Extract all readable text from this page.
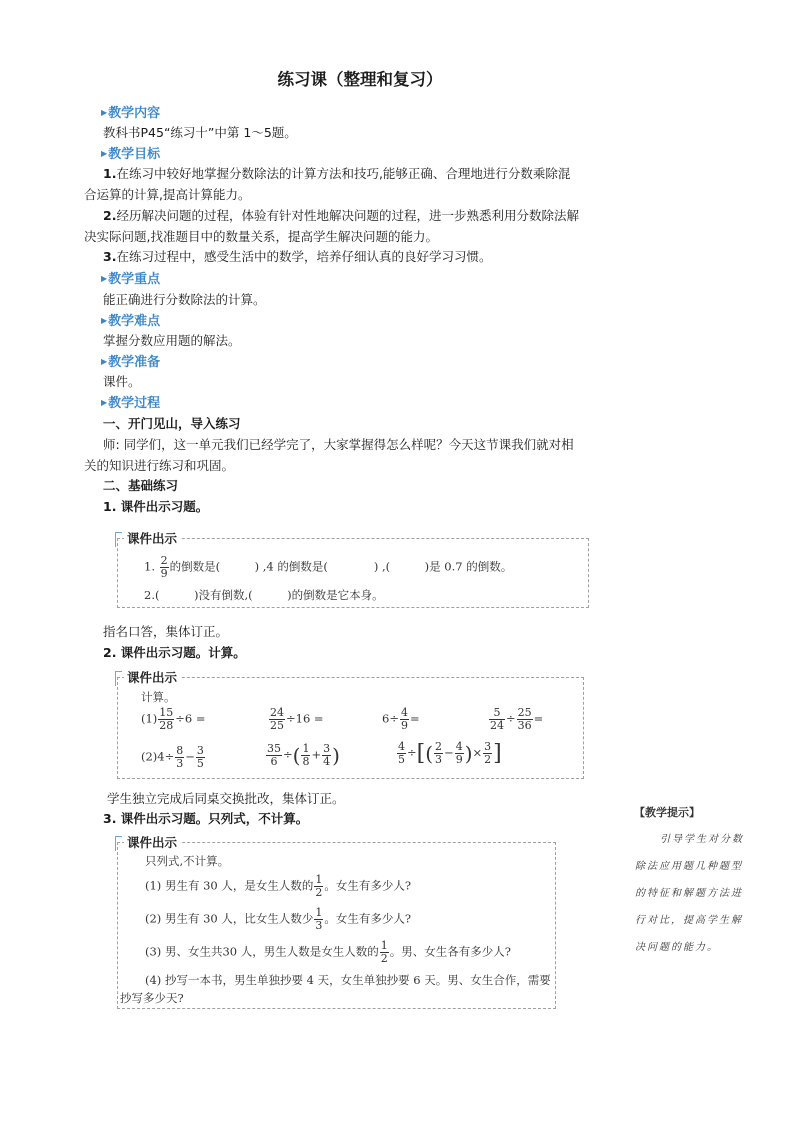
练习课（整理和复习）
▶教学内容
教科书P45“练习十”中第 1～5题。
▶教学目标
1.在练习中较好地掌握分数除法的计算方法和技巧,能够正确、合理地进行分数乘除混
合运算的计算,提高计算能力。
2.经历解决问题的过程，体验有针对性地解决问题的过程，进一步熟悉利用分数除法解
决实际问题,找准题目中的数量关系，提高学生解决问题的能力。
3.在练习过程中，感受生活中的数学，培养仔细认真的良好学习习惯。
▶教学重点
能正确进行分数除法的计算。
▶教学难点
掌握分数应用题的解法。
▶教学准备
课件。
▶教学过程
一、开门见山，导入练习
师: 同学们，这一单元我们已经学完了，大家掌握得怎么样呢？今天这节课我们就对相
关的知识进行练习和巩固。
二、基础练习
1. 课件出示习题。
课件出示
1. $\frac{2}{9}$ 的倒数是(　　　) ,4 的倒数是(　　　　) ,(　　　)是 0.7 的倒数。
2.(　　　)没有倒数,(　　　)的倒数是它本身。
指名口答，集体订正。
2. 课件出示习题。计算。
课件出示
计算。
$(1) \frac{15}{28} \div 6$ =	$\frac{24}{25} \div 16$ =	$6\div \frac{4}{9}$ =	$\frac{5}{24} \div \frac{25}{36}$ =
$(2)4\div \frac{8}{3} - \frac{3}{5}$	$\frac{35}{6}$ ÷( $\frac{1}{8} + \frac{3}{4}$ )	$\frac{4}{5}$ ÷[( $\frac{2}{3} - \frac{4}{9}$ )× $\frac{3}{2}$ ]
学生独立完成后同桌交换批改，集体订正。
3. 课件出示习题。只列式，不计算。
课件出示
只列式,不计算。
(1) 男生有 30 人，是女生人数的 $\frac{1}{2}$ 。女生有多少人?
(2) 男生有 30 人，比女生人数少 $\frac{1}{3}$ 。女生有多少人?
(3) 男、女生共30 人，男生人数是女生人数的 $\frac{1}{2}$ 。男、女生各有多少人?
(4) 抄写一本书，男生单独抄要 4 天，女生单独抄要 6 天。男、女生合作，需要
抄写多少天?
【教学提示】
引导学生对分数
除法应用题几种题型
的特征和解题方法进
行对比，提高学生解
决问题的能力。
